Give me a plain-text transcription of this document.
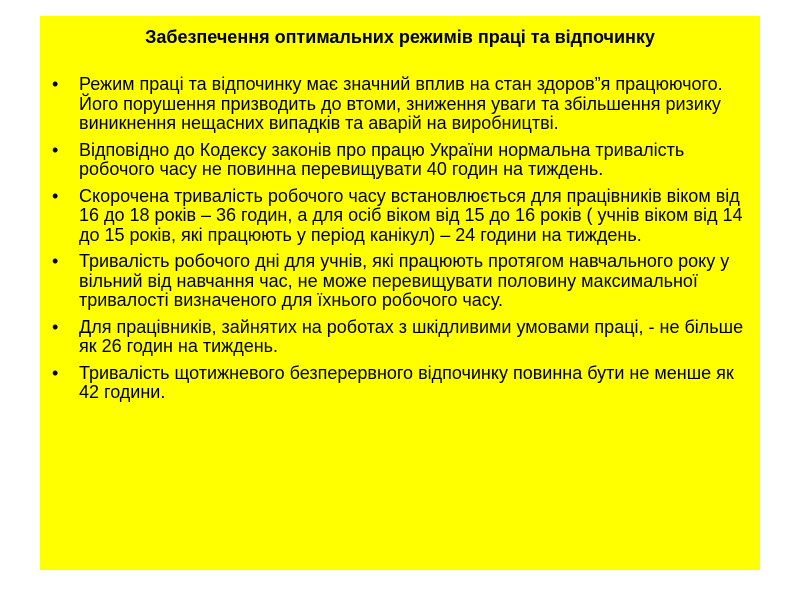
Забезпечення оптимальних режимів праці та відпочинку
• Режим праці та відпочинку має значний вплив на стан здоров”я працюючого. Його порушення призводить до втоми, зниження уваги та збільшення ризику виникнення нещасних випадків та аварій на виробництві.
• Відповідно до Кодексу законів про працю України нормальна тривалість робочого часу не повинна перевищувати 40 годин на тиждень.
• Скорочена тривалість робочого часу встановлюється для працівників віком від 16 до 18 років – 36 годин, а для осіб віком від 15 до 16 років ( учнів віком від 14 до 15 років, які працюють у період канікул) – 24 години на тиждень.
• Тривалість робочого дні для учнів, які працюють протягом навчального року у вільний від навчання час, не може перевищувати половину максимальної тривалості визначеного для їхнього робочого часу.
• Для працівників, зайнятих на роботах з шкідливими умовами праці, - не більше як 26 годин на тиждень.
• Тривалість щотижневого безперервного відпочинку повинна бути не менше як 42 години.
